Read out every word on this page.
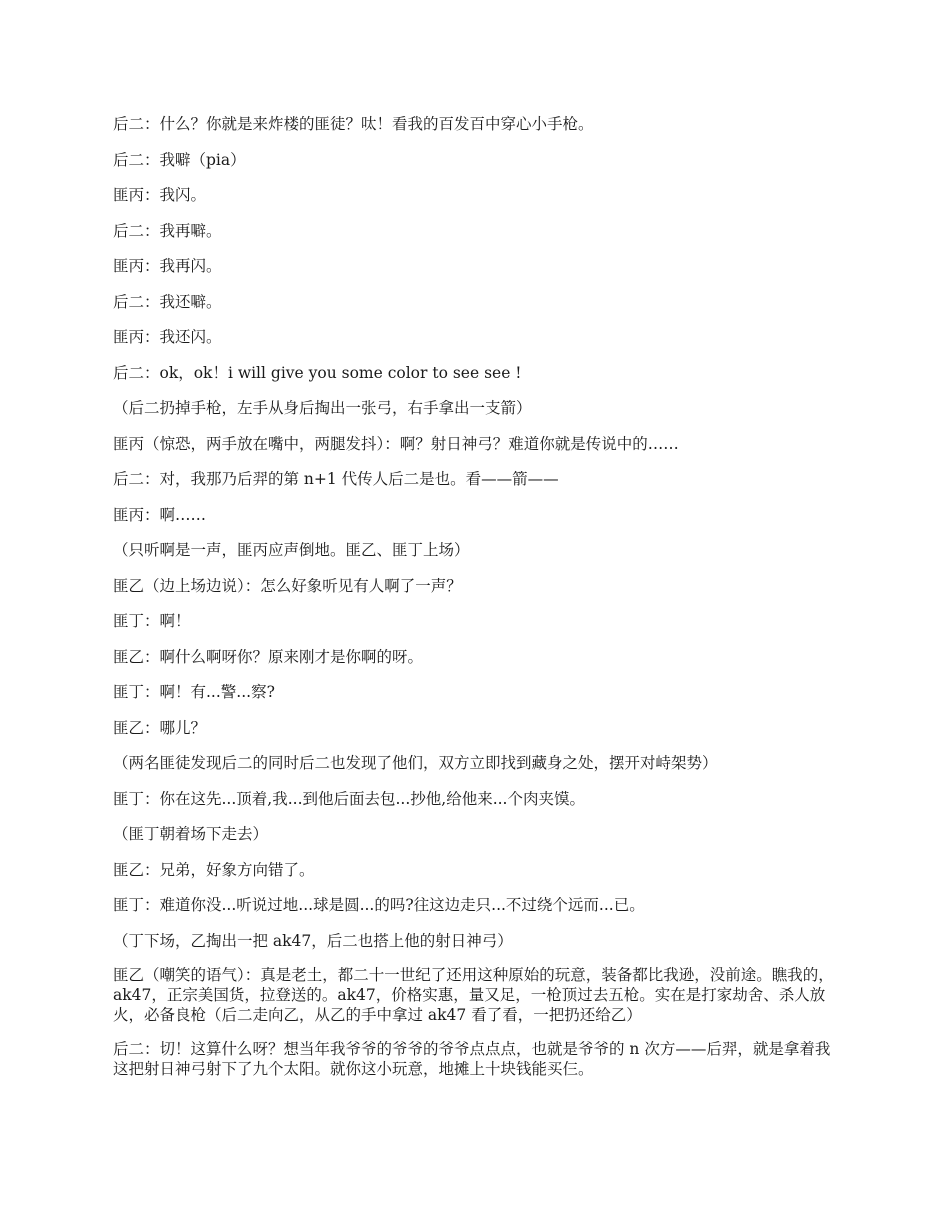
后二：什么？你就是来炸楼的匪徒？呔！看我的百发百中穿心小手枪。

后二：我噼（pia）

匪丙：我闪。

后二：我再噼。

匪丙：我再闪。

后二：我还噼。

匪丙：我还闪。

后二：ok，ok！i will give you some color to see see !

（后二扔掉手枪，左手从身后掏出一张弓，右手拿出一支箭）

匪丙（惊恐，两手放在嘴中，两腿发抖）：啊？射日神弓？难道你就是传说中的……

后二：对，我那乃后羿的第 n+1 代传人后二是也。看——箭——

匪丙：啊……

（只听啊是一声，匪丙应声倒地。匪乙、匪丁上场）

匪乙（边上场边说）：怎么好象听见有人啊了一声？

匪丁：啊！

匪乙：啊什么啊呀你？原来刚才是你啊的呀。

匪丁：啊！有...警...察?

匪乙：哪儿？

（两名匪徒发现后二的同时后二也发现了他们，双方立即找到藏身之处，摆开对峙架势）

匪丁：你在这先...顶着,我...到他后面去包...抄他,给他来...个肉夹馍。

（匪丁朝着场下走去）

匪乙：兄弟，好象方向错了。

匪丁：难道你没...听说过地...球是圆...的吗?往这边走只...不过绕个远而...已。

（丁下场，乙掏出一把 ak47，后二也搭上他的射日神弓）

匪乙（嘲笑的语气）：真是老土，都二十一世纪了还用这种原始的玩意，装备都比我逊，没前途。瞧我的，ak47，正宗美国货，拉登送的。ak47，价格实惠，量又足，一枪顶过去五枪。实在是打家劫舍、杀人放火，必备良枪（后二走向乙，从乙的手中拿过 ak47 看了看，一把扔还给乙）

后二：切！这算什么呀？想当年我爷爷的爷爷的爷爷点点点，也就是爷爷的 n 次方——后羿，就是拿着我这把射日神弓射下了九个太阳。就你这小玩意，地摊上十块钱能买仨。
